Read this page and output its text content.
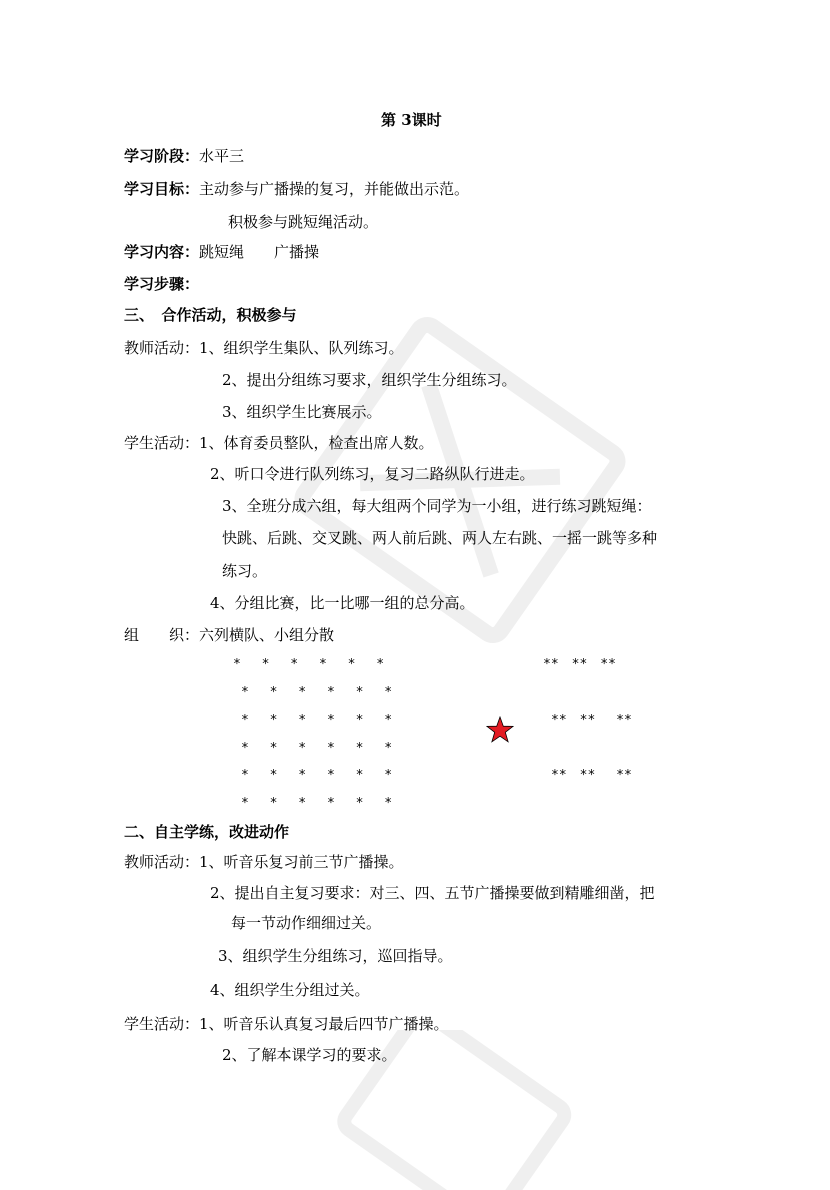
第 3课时
学习阶段：水平三
学习目标：主动参与广播操的复习，并能做出示范。
积极参与跳短绳活动。
学习内容：跳短绳　　广播操
学习步骤：
三、　合作活动，积极参与
教师活动：1、组织学生集队、队列练习。
2、提出分组练习要求，组织学生分组练习。
3、组织学生比赛展示。
学生活动：1、体育委员整队，检查出席人数。
2、听口令进行队列练习，复习二路纵队行进走。
3、全班分成六组，每大组两个同学为一小组，进行练习跳短绳：
快跳、后跳、交叉跳、两人前后跳、两人左右跳、一摇一跳等多种
练习。
4、分组比赛，比一比哪一组的总分高。
组　　织：六列横队、小组分散
*　 *　 *　 *　 *　 *
*　 *　 *　 *　 *　 *
*　 *　 *　 *　 *　 *
*　 *　 *　 *　 *　 *
*　 *　 *　 *　 *　 *
*　 *　 *　 *　 *　 *
**　**　**
**　**　 **
**　**　 **
二、自主学练，改进动作
教师活动：1、听音乐复习前三节广播操。
2、提出自主复习要求：对三、四、五节广播操要做到精雕细凿，把
每一节动作细细过关。
3、组织学生分组练习，巡回指导。
4、组织学生分组过关。
学生活动：1、听音乐认真复习最后四节广播操。
2、了解本课学习的要求。
